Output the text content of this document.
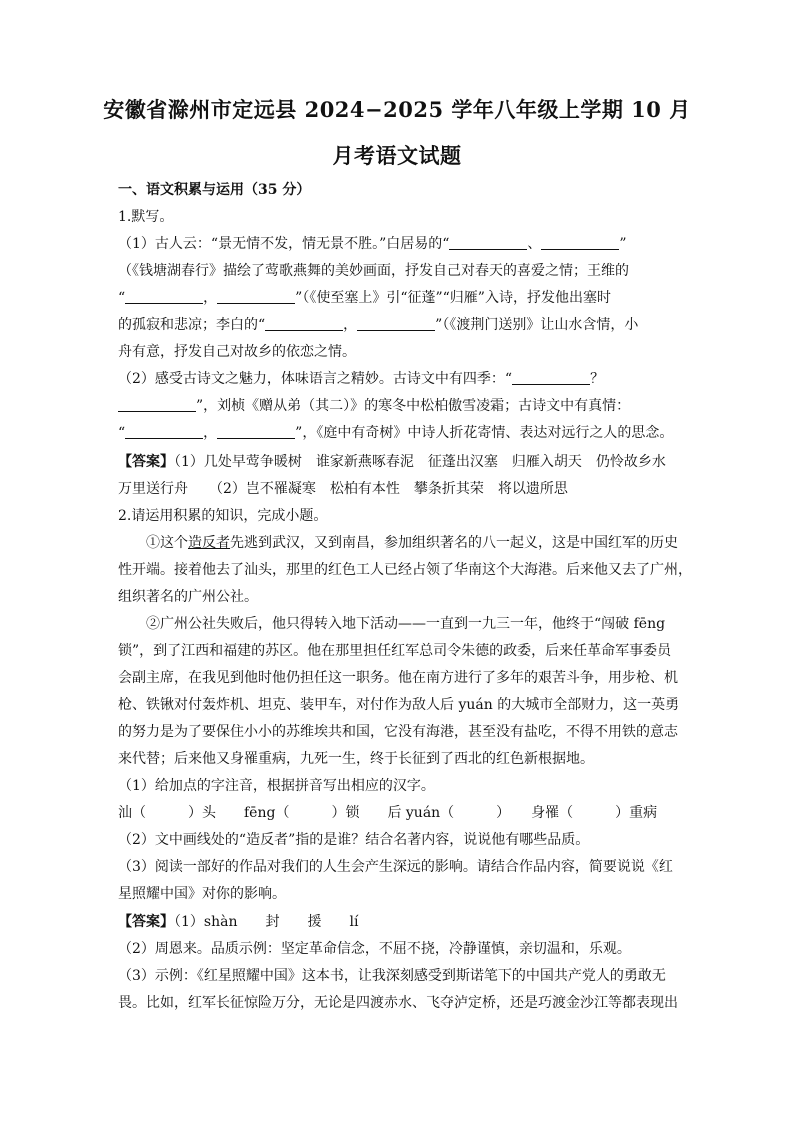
安徽省滁州市定远县 2024−2025 学年八年级上学期 10 月
月考语文试题
一、语文积累与运用（35 分）
1.默写。
（1）古人云：“景无情不发，情无景不胜。”白居易的“	、	”
（《钱塘湖春行》描绘了莺歌燕舞的美妙画面，抒发自己对春天的喜爱之情；王维的
“	，	”（《使至塞上》引“征蓬”“归雁”入诗，抒发他出塞时
的孤寂和悲凉；李白的“	，	”（《渡荆门送别》让山水含情，小
舟有意，抒发自己对故乡的依恋之情。
（2）感受古诗文之魅力，体味语言之精妙。古诗文中有四季：“	？
”，刘桢《赠从弟（其二）》的寒冬中松柏傲雪凌霜；古诗文中有真情：
“	，	”，《庭中有奇树》中诗人折花寄情、表达对远行之人的思念。
【答案】（1）几处早莺争暖树　谁家新燕啄春泥　征蓬出汉塞　归雁入胡天　仍怜故乡水
万里送行舟　　（2）岂不罹凝寒　松柏有本性　攀条折其荣　将以遗所思
2.请运用积累的知识，完成小题。
①这个造反者先逃到武汉，又到南昌，参加组织著名的八一起义，这是中国红军的历史
性开端。接着他去了汕头，那里的红色工人已经占领了华南这个大海港。后来他又去了广州，
组织著名的广州公社。
②广州公社失败后，他只得转入地下活动——一直到一九三一年，他终于“闯破 fēng
锁”，到了江西和福建的苏区。他在那里担任红军总司令朱德的政委，后来任革命军事委员
会副主席，在我见到他时他仍担任这一职务。他在南方进行了多年的艰苦斗争，用步枪、机
枪、铁锹对付轰炸机、坦克、装甲车，对付作为敌人后 yuán 的大城市全部财力，这一英勇
的努力是为了要保住小小的苏维埃共和国，它没有海港，甚至没有盐吃，不得不用铁的意志
来代替；后来他又身罹重病，九死一生，终于长征到了西北的红色新根据地。
（1）给加点的字注音，根据拼音写出相应的汉字。
汕（　　　）头　　fēng（　　　）锁　　后 yuán（　　　）　　身罹（　　　）重病
（2）文中画线处的“造反者”指的是谁？结合名著内容，说说他有哪些品质。
（3）阅读一部好的作品对我们的人生会产生深远的影响。请结合作品内容，简要说说《红
星照耀中国》对你的影响。
【答案】（1）shàn　　封　　援　　lí
（2）周恩来。品质示例：坚定革命信念，不屈不挠，冷静谨慎，亲切温和，乐观。
（3）示例：《红星照耀中国》这本书，让我深刻感受到斯诺笔下的中国共产党人的勇敢无
畏。比如，红军长征惊险万分，无论是四渡赤水、飞夺泸定桥，还是巧渡金沙江等都表现出
